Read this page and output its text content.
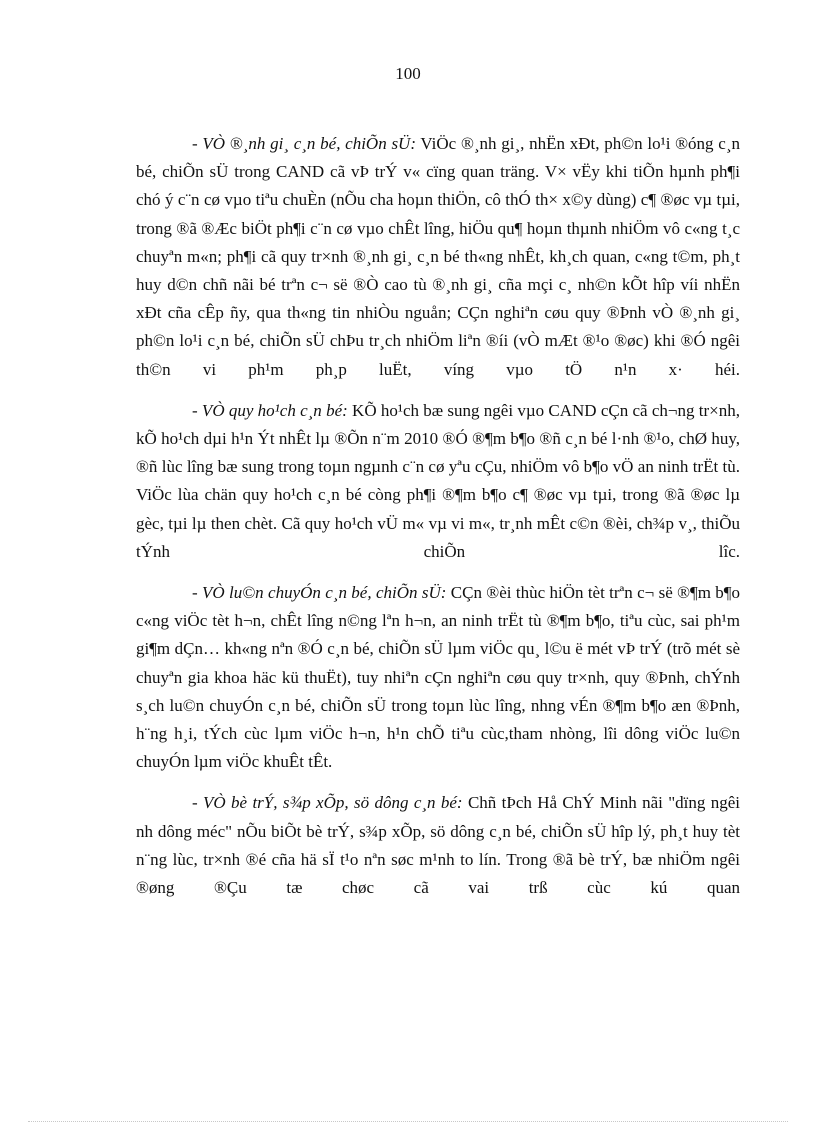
100

- VÒ ®¸nh gi¸ c¸n bé, chiÕn sÜ: ViÖc ®¸nh gi¸, nhËn xÐt, ph©n lo¹i ®óng c¸n bé, chiÕn sÜ trong CAND cã vÞ trÝ v« cïng quan träng. V× vËy khi tiÕn hµnh ph¶i chó ý c¨n cø vµo tiªu chuÈn (nÕu cha hoµn thiÖn, cô thÓ th× x©y dùng) c¶ ®øc vµ tµi, trong ®ã ®Æc biÖt ph¶i c¨n cø vµo chÊt lîng, hiÖu qu¶ hoµn thµnh nhiÖm vô c«ng t¸c chuyªn m«n; ph¶i cã quy tr×nh ®¸nh gi¸ c¸n bé th«ng nhÊt, kh¸ch quan, c«ng t©m, ph¸t huy d©n chñ nãi bé trªn c¬ së ®Ò cao tù ®¸nh gi¸ cña mçi c¸ nh©n kÕt hîp víi nhËn xÐt cña cÊp ñy, qua th«ng tin nhiÒu nguån; CÇn nghiªn cøu quy ®Þnh vÒ ®¸nh gi¸ ph©n lo¹i c¸n bé, chiÕn sÜ chÞu tr¸ch nhiÖm liªn ®íi (vÒ mÆt ®¹o ®øc) khi ®Ó ngêi th©n vi ph¹m ph¸p luËt, víng vµo tÖ n¹n x· héi.

- VÒ quy ho¹ch c¸n bé: KÕ ho¹ch bæ sung ngêi vµo CAND cÇn cã ch¬ng tr×nh, kÕ ho¹ch dµi h¹n Ýt nhÊt lµ ®Õn n¨m 2010 ®Ó ®¶m b¶o ®ñ c¸n bé l·nh ®¹o, chØ huy, ®ñ lùc lîng bæ sung trong toµn ngµnh c¨n cø yªu cÇu, nhiÖm vô b¶o vÖ an ninh trËt tù. ViÖc lùa chän quy ho¹ch c¸n bé còng ph¶i ®¶m b¶o c¶ ®øc vµ tµi, trong ®ã ®øc lµ gèc, tµi lµ then chèt. Cã quy ho¹ch vÜ m« vµ vi m«, tr¸nh mÊt c©n ®èi, ch¾p v¸, thiÕu tÝnh chiÕn lîc.

- VÒ lu©n chuyÓn c¸n bé, chiÕn sÜ: CÇn ®èi thùc hiÖn tèt trªn c¬ së ®¶m b¶o c«ng viÖc tèt h¬n, chÊt lîng n©ng lªn h¬n, an ninh trËt tù ®¶m b¶o, tiªu cùc, sai ph¹m gi¶m dÇn… kh«ng nªn ®Ó c¸n bé, chiÕn sÜ lµm viÖc qu¸ l©u ë mét vÞ trÝ (trõ mét sè chuyªn gia khoa häc kü thuËt), tuy nhiªn cÇn nghiªn cøu quy tr×nh, quy ®Þnh, chÝnh s¸ch lu©n chuyÓn c¸n bé, chiÕn sÜ trong toµn lùc lîng, nhng vÉn ®¶m b¶o æn ®Þnh, h¨ng h¸i, tÝch cùc lµm viÖc h¬n, h¹n chÕ tiªu cùc,tham nhòng, lîi dông viÖc lu©n chuyÓn lµm viÖc khuÊt tÊt.

- VÒ bè trÝ, s¾p xÕp, sö dông c¸n bé: Chñ tÞch Hå ChÝ Minh nãi "dïng ngêi nh dông méc" nÕu biÕt bè trÝ, s¾p xÕp, sö dông c¸n bé, chiÕn sÜ hîp lý, ph¸t huy tèt n¨ng lùc, tr×nh ®é cña hä sÏ t¹o nªn søc m¹nh to lín. Trong ®ã bè trÝ, bæ nhiÖm ngêi ®øng ®Çu tæ chøc cã vai trß cùc kú quan
